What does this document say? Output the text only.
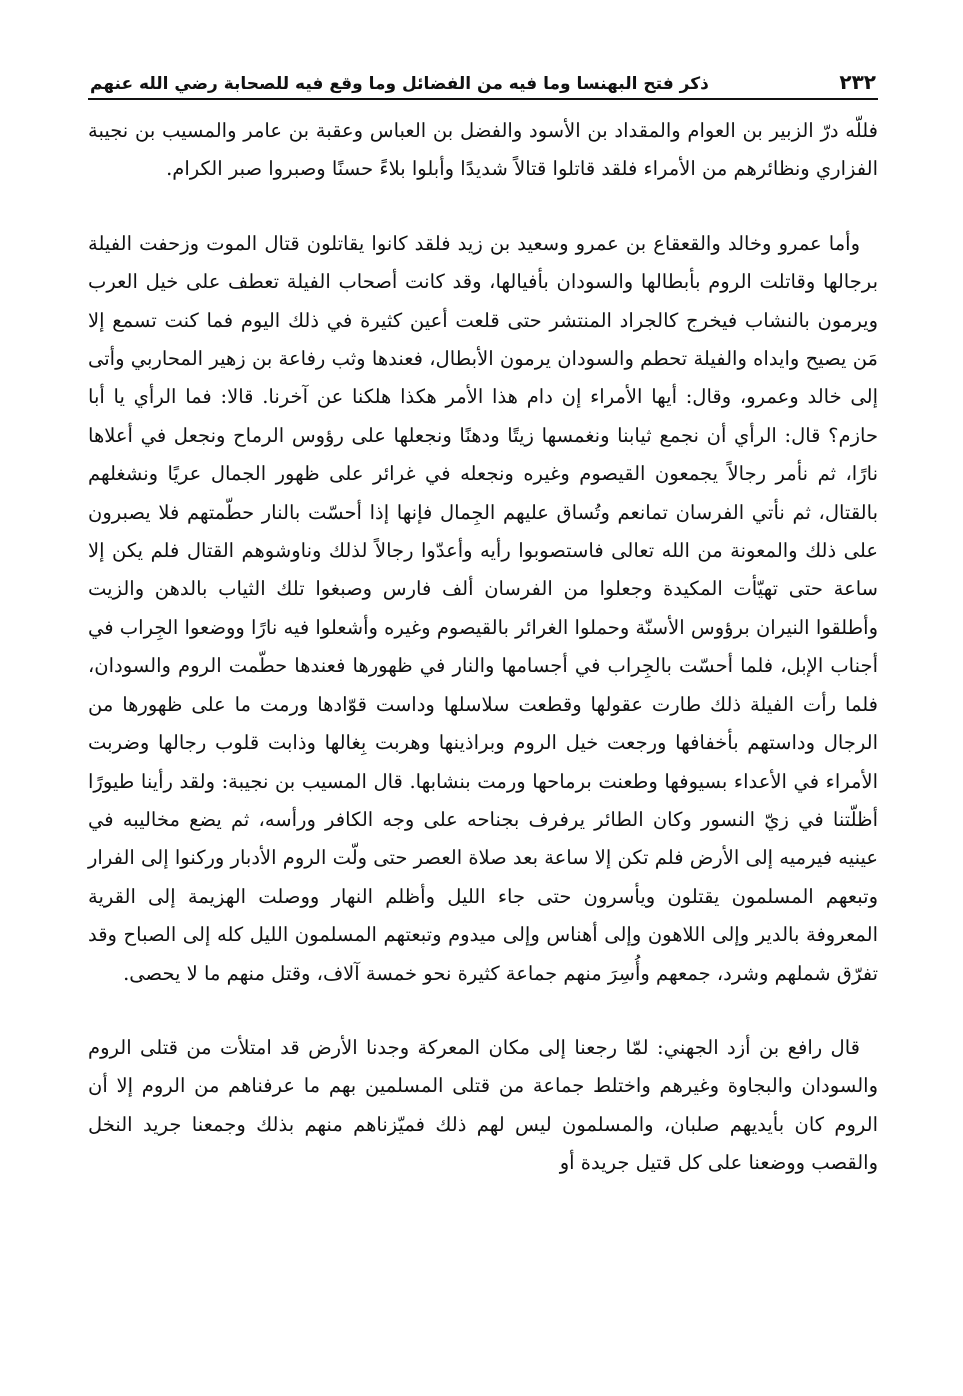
٢٣٢
ذكر فتح البهنسا وما فيه من الفضائل وما وقع فيه للصحابة رضي الله عنهم

فللّه درّ الزبير بن العوام والمقداد بن الأسود والفضل بن العباس وعقبة بن عامر والمسيب بن نجيبة الفزاري ونظائرهم من الأمراء فلقد قاتلوا قتالاً شديدًا وأبلوا بلاءً حسنًا وصبروا صبر الكرام.

وأما عمرو وخالد والقعقاع بن عمرو وسعيد بن زيد فلقد كانوا يقاتلون قتال الموت وزحفت الفيلة برجالها وقاتلت الروم بأبطالها والسودان بأفيالها، وقد كانت أصحاب الفيلة تعطف على خيل العرب ويرمون بالنشاب فيخرج كالجراد المنتشر حتى قلعت أعين كثيرة في ذلك اليوم فما كنت تسمع إلا مَن يصيح وايداه والفيلة تحطم والسودان يرمون الأبطال، فعندها وثب رفاعة بن زهير المحاربي وأتى إلى خالد وعمرو، وقال: أيها الأمراء إن دام هذا الأمر هكذا هلكنا عن آخرنا. قالا: فما الرأي يا أبا حازم؟ قال: الرأي أن نجمع ثيابنا ونغمسها زيتًا ودهنًا ونجعلها على رؤوس الرماح ونجعل في أعلاها نارًا، ثم نأمر رجالاً يجمعون القيصوم وغيره ونجعله في غرائر على ظهور الجمال عريًا ونشغلهم بالقتال، ثم نأتي الفرسان تمانعم وتُساق عليهم الجِمال فإنها إذا أحسّت بالنار حطّمتهم فلا يصبرون على ذلك والمعونة من الله تعالى فاستصوبوا رأيه وأعدّوا رجالاً لذلك وناوشوهم القتال فلم يكن إلا ساعة حتى تهيّأت المكيدة وجعلوا من الفرسان ألف فارس وصبغوا تلك الثياب بالدهن والزيت وأطلقوا النيران برؤوس الأسنّة وحملوا الغرائر بالقيصوم وغيره وأشعلوا فيه نارًا ووضعوا الجِراب في أجناب الإبل، فلما أحسّت بالجِراب في أجسامها والنار في ظهورها فعندها حطّمت الروم والسودان، فلما رأت الفيلة ذلك طارت عقولها وقطعت سلاسلها وداست قوّادها ورمت ما على ظهورها من الرجال وداستهم بأخفافها ورجعت خيل الروم وبراذينها وهربت بِغالها وذابت قلوب رجالها وضربت الأمراء في الأعداء بسيوفها وطعنت برماحها ورمت بنشابها. قال المسيب بن نجيبة: ولقد رأينا طيورًا أظلّتنا في زيّ النسور وكان الطائر يرفرف بجناحه على وجه الكافر ورأسه، ثم يضع مخاليبه في عينيه فيرميه إلى الأرض فلم تكن إلا ساعة بعد صلاة العصر حتى ولّت الروم الأدبار وركنوا إلى الفرار وتبعهم المسلمون يقتلون ويأسرون حتى جاء الليل وأظلم النهار ووصلت الهزيمة إلى القرية المعروفة بالدير وإلى اللاهون وإلى أهناس وإلى ميدوم وتبعتهم المسلمون الليل كله إلى الصباح وقد تفرّق شملهم وشرد، جمعهم وأُسِرَ منهم جماعة كثيرة نحو خمسة آلاف، وقتل منهم ما لا يحصى.

قال رافع بن أزد الجهني: لمّا رجعنا إلى مكان المعركة وجدنا الأرض قد امتلأت من قتلى الروم والسودان والبجاوة وغيرهم واختلط جماعة من قتلى المسلمين بهم ما عرفناهم من الروم إلا أن الروم كان بأيديهم صلبان، والمسلمون ليس لهم ذلك فميّزناهم منهم بذلك وجمعنا جريد النخل والقصب ووضعنا على كل قتيل جريدة أو
